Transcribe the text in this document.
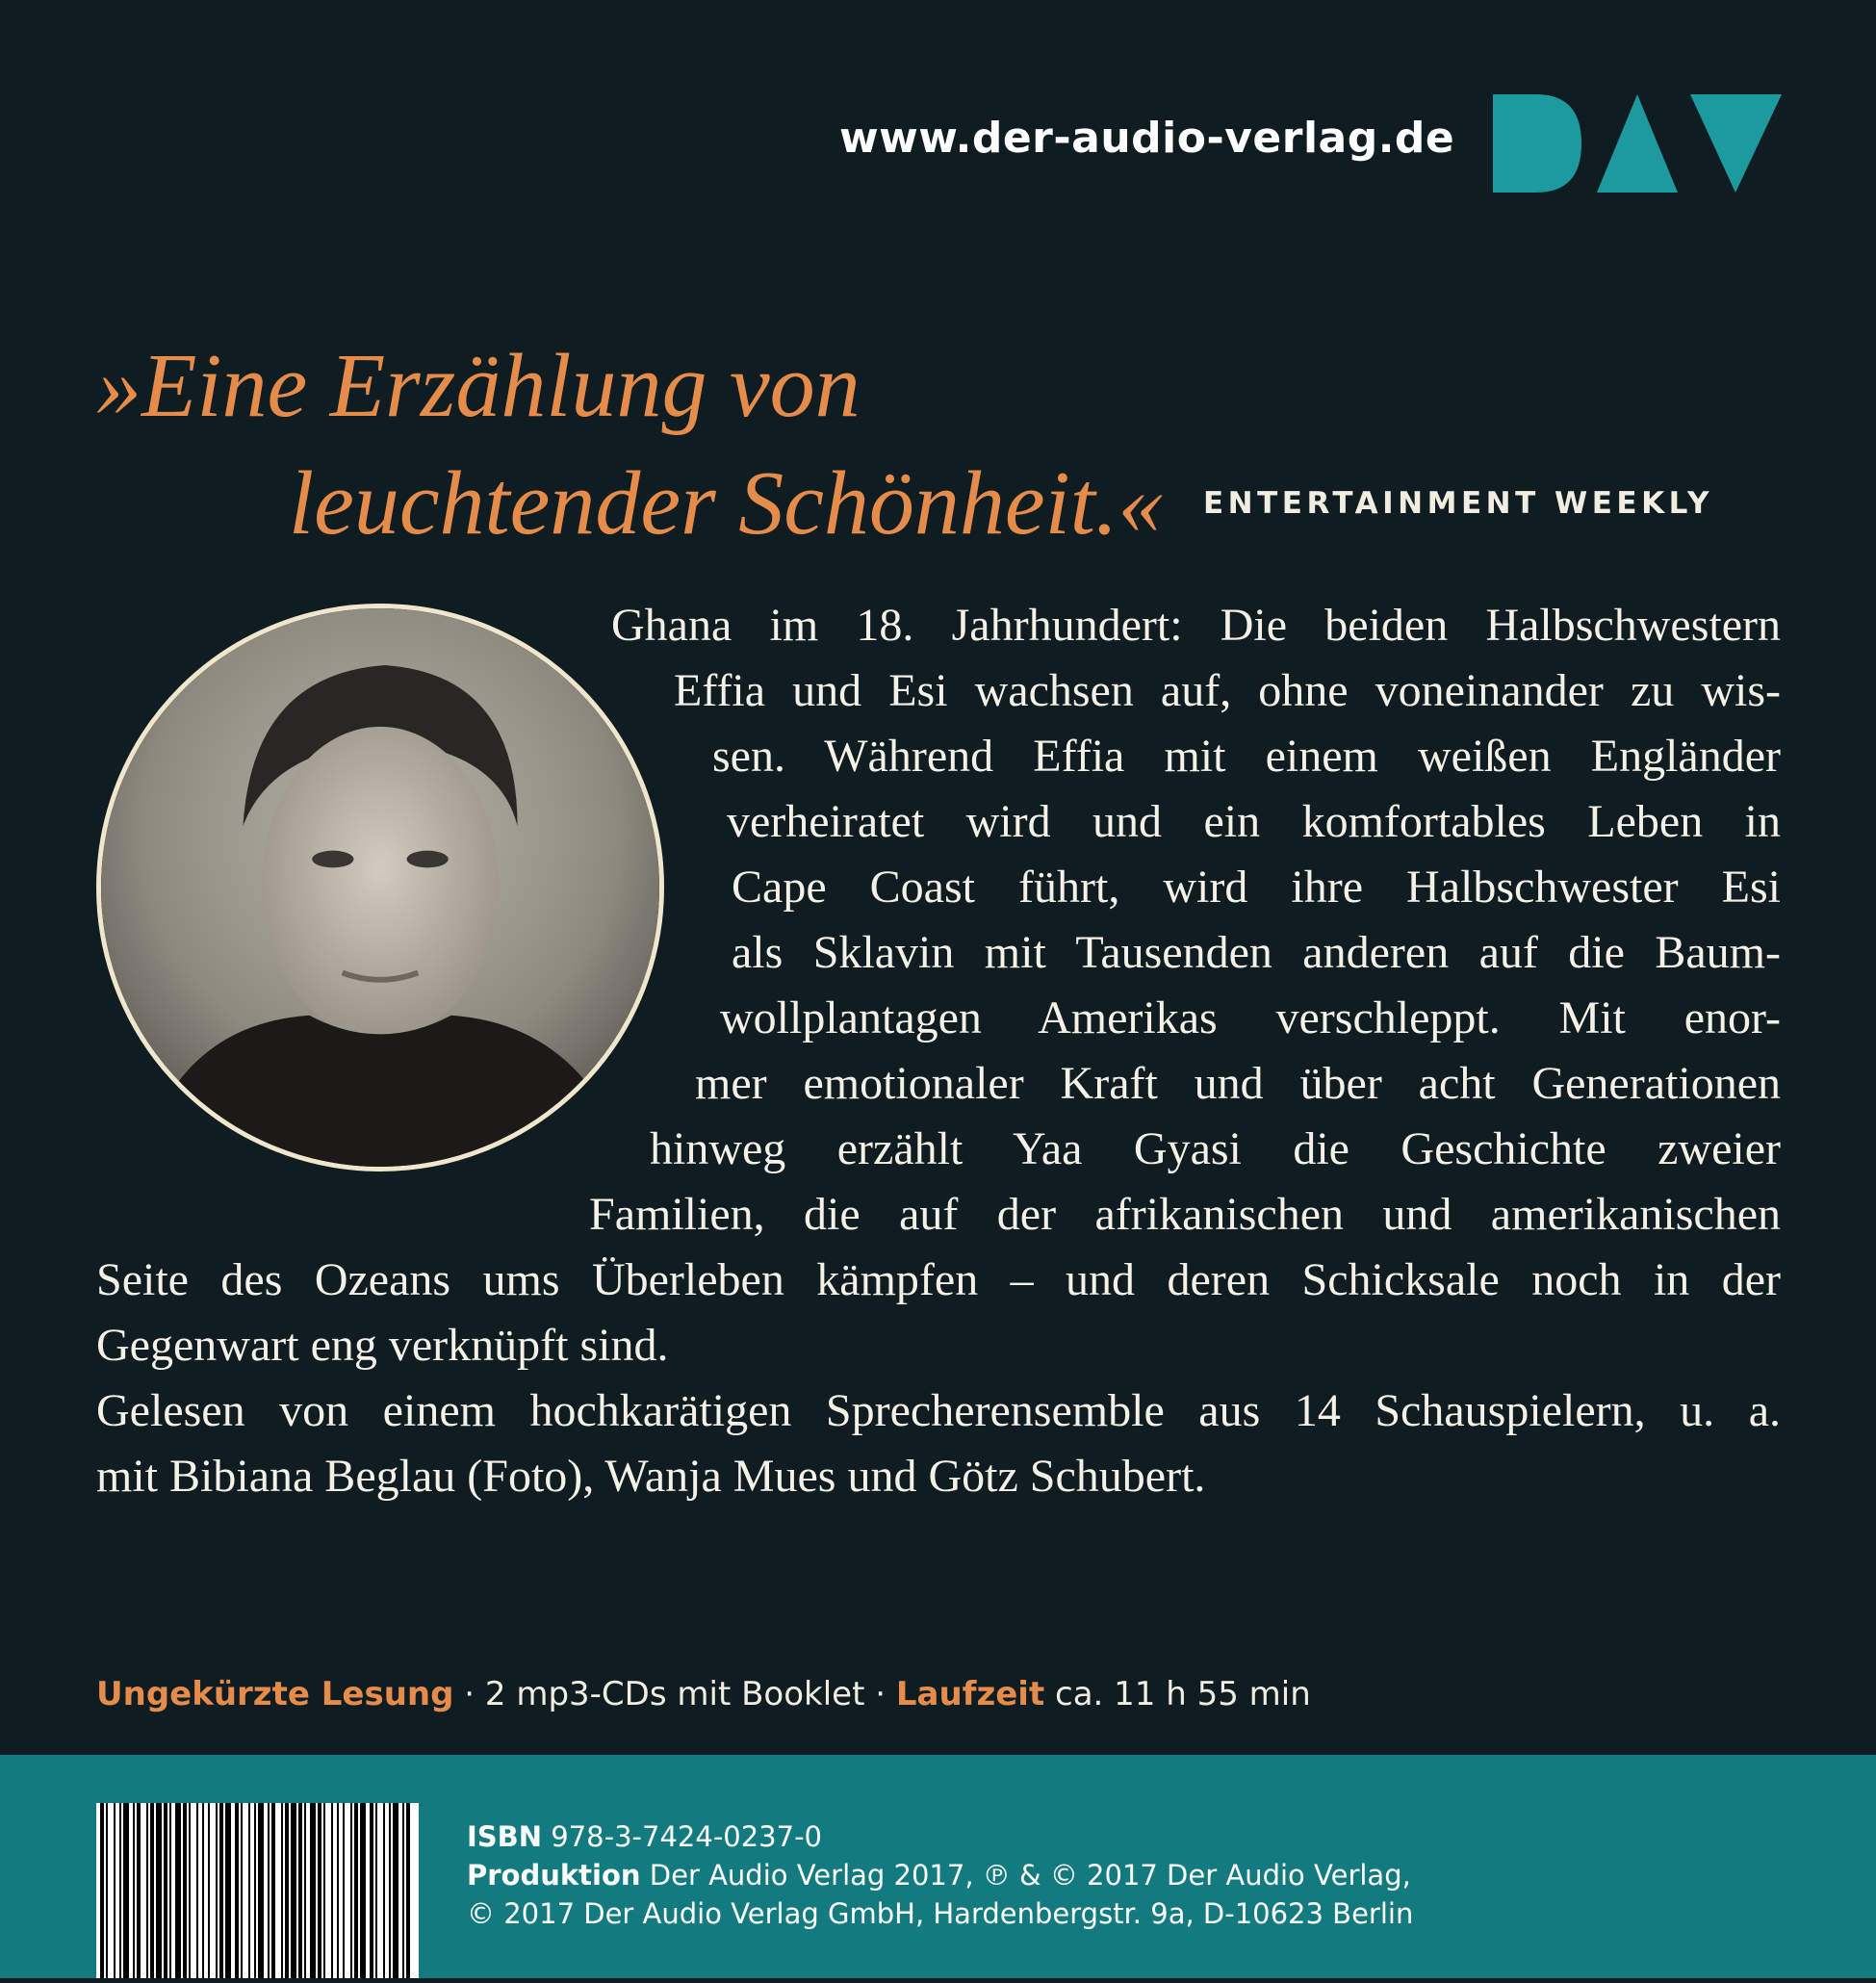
www.der-audio-verlag.de
»Eine Erzählung von
leuchtender Schönheit.« ENTERTAINMENT WEEKLY
Ghana im 18. Jahrhundert: Die beiden Halbschwestern
Effia und Esi wachsen auf, ohne voneinander zu wis-
sen. Während Effia mit einem weißen Engländer
verheiratet wird und ein komfortables Leben in
Cape Coast führt, wird ihre Halbschwester Esi
als Sklavin mit Tausenden anderen auf die Baum-
wollplantagen Amerikas verschleppt. Mit enor-
mer emotionaler Kraft und über acht Generationen
hinweg erzählt Yaa Gyasi die Geschichte zweier
Familien, die auf der afrikanischen und amerikanischen
Seite des Ozeans ums Überleben kämpfen – und deren Schicksale noch in der
Gegenwart eng verknüpft sind.
Gelesen von einem hochkarätigen Sprecherensemble aus 14 Schauspielern, u. a.
mit Bibiana Beglau (Foto), Wanja Mues und Götz Schubert.
Ungekürzte Lesung · 2 mp3-CDs mit Booklet · Laufzeit ca. 11 h 55 min
ISBN 978-3-7424-0237-0
Produktion Der Audio Verlag 2017, ℗ & © 2017 Der Audio Verlag,
© 2017 Der Audio Verlag GmbH, Hardenbergstr. 9a, D-10623 Berlin
